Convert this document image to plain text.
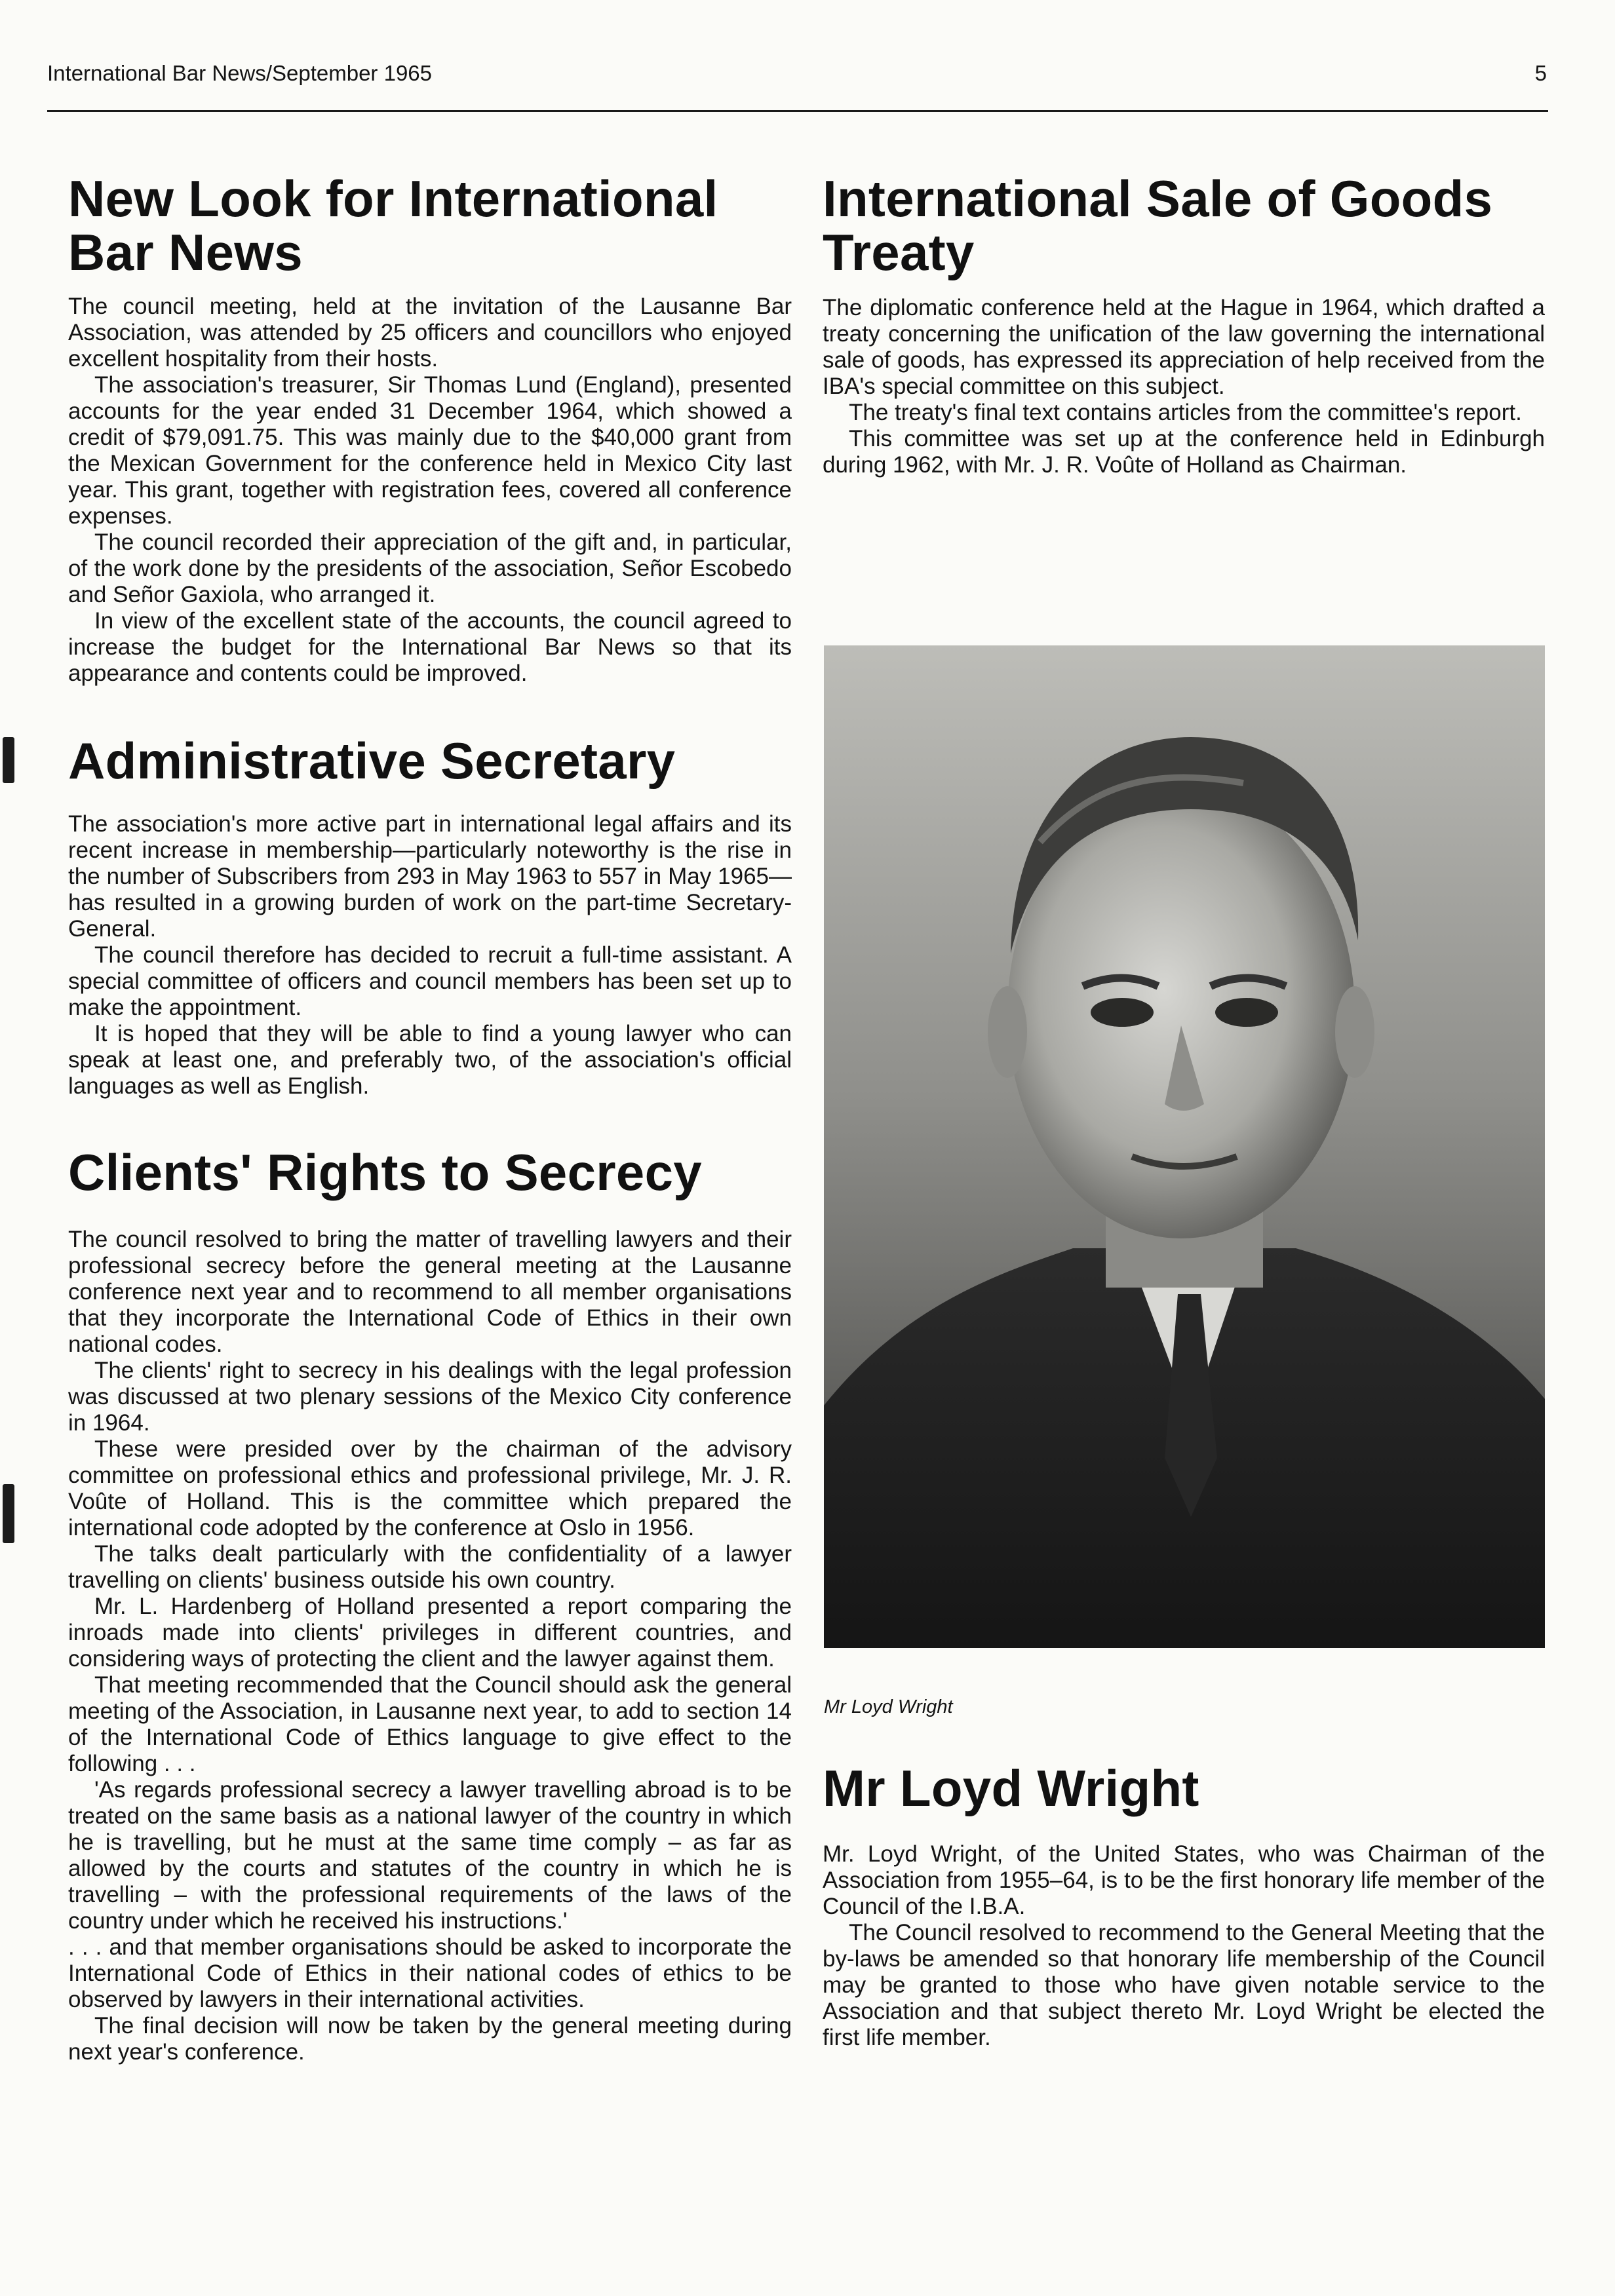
International Bar News/September 1965	5
New Look for International Bar News

The council meeting, held at the invitation of the Lausanne Bar Association, was attended by 25 officers and councillors who enjoyed excellent hospitality from their hosts.

The association's treasurer, Sir Thomas Lund (England), presented accounts for the year ended 31 December 1964, which showed a credit of $79,091.75. This was mainly due to the $40,000 grant from the Mexican Government for the conference held in Mexico City last year. This grant, together with registration fees, covered all conference expenses.

The council recorded their appreciation of the gift and, in particular, of the work done by the presidents of the association, Señor Escobedo and Señor Gaxiola, who arranged it.

In view of the excellent state of the accounts, the council agreed to increase the budget for the International Bar News so that its appearance and contents could be improved.

Administrative Secretary

The association's more active part in international legal affairs and its recent increase in membership—particularly noteworthy is the rise in the number of Subscribers from 293 in May 1963 to 557 in May 1965—has resulted in a growing burden of work on the part-time Secretary-General.

The council therefore has decided to recruit a full-time assistant. A special committee of officers and council members has been set up to make the appointment.

It is hoped that they will be able to find a young lawyer who can speak at least one, and preferably two, of the association's official languages as well as English.

Clients' Rights to Secrecy

The council resolved to bring the matter of travelling lawyers and their professional secrecy before the general meeting at the Lausanne conference next year and to recommend to all member organisations that they incorporate the International Code of Ethics in their own national codes.

The clients' right to secrecy in his dealings with the legal profession was discussed at two plenary sessions of the Mexico City conference in 1964.

These were presided over by the chairman of the advisory committee on professional ethics and professional privilege, Mr. J. R. Voûte of Holland. This is the committee which prepared the international code adopted by the conference at Oslo in 1956.

The talks dealt particularly with the confidentiality of a lawyer travelling on clients' business outside his own country.

Mr. L. Hardenberg of Holland presented a report comparing the inroads made into clients' privileges in different countries, and considering ways of protecting the client and the lawyer against them.

That meeting recommended that the Council should ask the general meeting of the Association, in Lausanne next year, to add to section 14 of the International Code of Ethics language to give effect to the following . . .

'As regards professional secrecy a lawyer travelling abroad is to be treated on the same basis as a national lawyer of the country in which he is travelling, but he must at the same time comply – as far as allowed by the courts and statutes of the country in which he is travelling – with the professional requirements of the laws of the country under which he received his instructions.'

. . . and that member organisations should be asked to incorporate the International Code of Ethics in their national codes of ethics to be observed by lawyers in their international activities.

The final decision will now be taken by the general meeting during next year's conference.

International Sale of Goods Treaty

The diplomatic conference held at the Hague in 1964, which drafted a treaty concerning the unification of the law governing the international sale of goods, has expressed its appreciation of help received from the IBA's special committee on this subject.

The treaty's final text contains articles from the committee's report.

This committee was set up at the conference held in Edinburgh during 1962, with Mr. J. R. Voûte of Holland as Chairman.

Mr Loyd Wright
Mr Loyd Wright

Mr. Loyd Wright, of the United States, who was Chairman of the Association from 1955–64, is to be the first honorary life member of the Council of the I.B.A.

The Council resolved to recommend to the General Meeting that the by-laws be amended so that honorary life membership of the Council may be granted to those who have given notable service to the Association and that subject thereto Mr. Loyd Wright be elected the first life member.
